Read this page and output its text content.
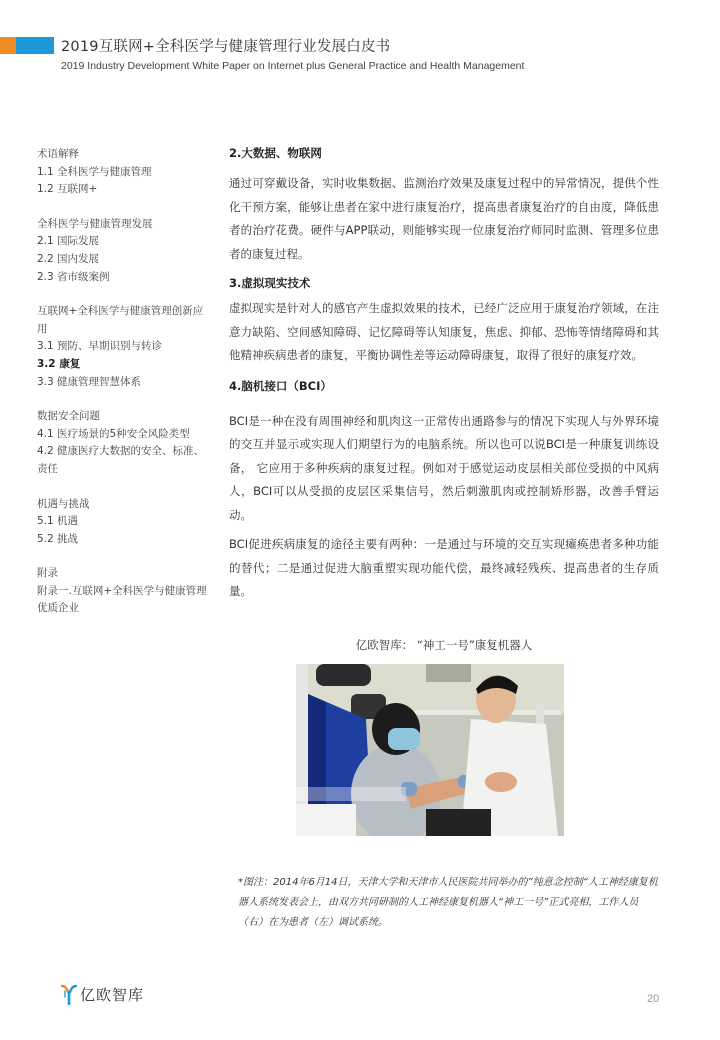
2019互联网+全科医学与健康管理行业发展白皮书
2019 Industry Development White Paper on Internet plus General Practice and Health Management
术语解释
1.1 全科医学与健康管理
1.2 互联网+
全科医学与健康管理发展
2.1 国际发展
2.2 国内发展
2.3 省市级案例
互联网+全科医学与健康管理创新应用
3.1 预防、早期识别与转诊
3.2 康复
3.3 健康管理智慧体系
数据安全问题
4.1 医疗场景的5种安全风险类型
4.2 健康医疗大数据的安全、标准、责任
机遇与挑战
5.1 机遇
5.2 挑战
附录
附录一.互联网+全科医学与健康管理优质企业
2.大数据、物联网

通过可穿戴设备，实时收集数据、监测治疗效果及康复过程中的异常情况，提供个性化干预方案，能够让患者在家中进行康复治疗，提高患者康复治疗的自由度，降低患者的治疗花费。硬件与APP联动，则能够实现一位康复治疗师同时监测、管理多位患者的康复过程。

3.虚拟现实技术

虚拟现实是针对人的感官产生虚拟效果的技术，已经广泛应用于康复治疗领域，在注意力缺陷、空间感知障碍、记忆障碍等认知康复，焦虑、抑郁、恐怖等情绪障碍和其他精神疾病患者的康复，平衡协调性差等运动障碍康复，取得了很好的康复疗效。

4.脑机接口（BCI）

BCI是一种在没有周围神经和肌肉这一正常传出通路参与的情况下实现人与外界环境的交互并显示或实现人们期望行为的电脑系统。所以也可以说BCI是一种康复训练设备， 它应用于多种疾病的康复过程。例如对于感觉运动皮层相关部位受损的中风病人，BCI可以从受损的皮层区采集信号，然后刺激肌肉或控制矫形器，改善手臂运动。

BCI促进疾病康复的途径主要有两种：一是通过与环境的交互实现瘫痪患者多种功能的替代；二是通过促进大脑重塑实现功能代偿，最终减轻残疾、提高患者的生存质量。

亿欧智库： “神工一号”康复机器人
*图注：2014年6月14日，天津大学和天津市人民医院共同举办的”纯意念控制“人工神经康复机器人系统发表会上，由双方共同研制的人工神经康复机器人“神工一号”正式亮相，工作人员（右）在为患者（左）调试系统。
亿欧智库	20
